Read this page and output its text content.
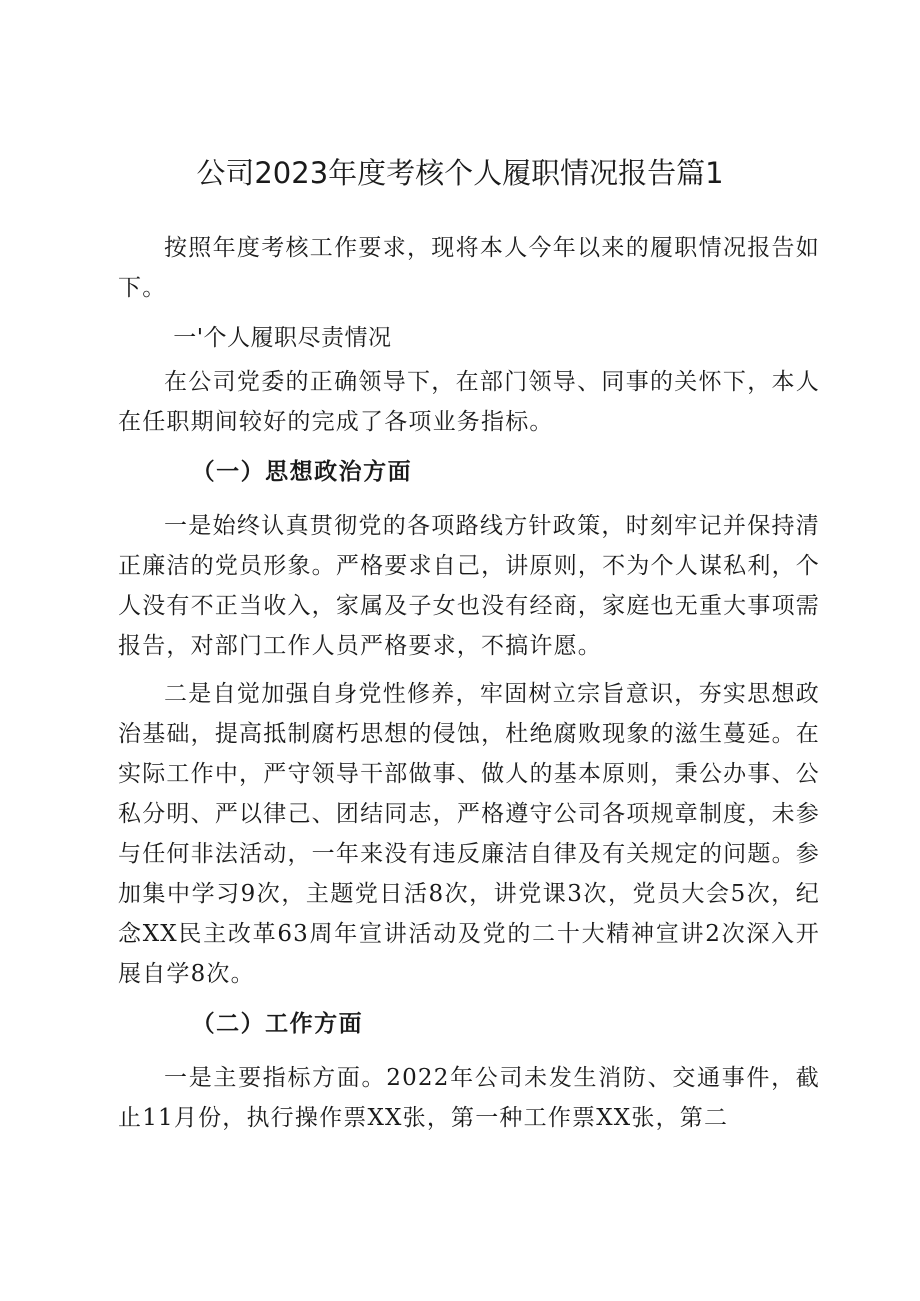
公司2023年度考核个人履职情况报告篇1

按照年度考核工作要求，现将本人今年以来的履职情况报告如下。

一'个人履职尽责情况

在公司党委的正确领导下，在部门领导、同事的关怀下，本人在任职期间较好的完成了各项业务指标。

（一）思想政治方面

一是始终认真贯彻党的各项路线方针政策，时刻牢记并保持清正廉洁的党员形象。严格要求自己，讲原则，不为个人谋私利，个人没有不正当收入，家属及子女也没有经商，家庭也无重大事项需报告，对部门工作人员严格要求，不搞许愿。

二是自觉加强自身党性修养，牢固树立宗旨意识，夯实思想政治基础，提高抵制腐朽思想的侵蚀，杜绝腐败现象的滋生蔓延。在实际工作中，严守领导干部做事、做人的基本原则，秉公办事、公私分明、严以律己、团结同志，严格遵守公司各项规章制度，未参与任何非法活动，一年来没有违反廉洁自律及有关规定的问题。参加集中学习9次，主题党日活8次，讲党课3次，党员大会5次，纪念XX民主改革63周年宣讲活动及党的二十大精神宣讲2次深入开展自学8次。

（二）工作方面

一是主要指标方面。2022年公司未发生消防、交通事件，截止11月份，执行操作票XX张，第一种工作票XX张，第二
